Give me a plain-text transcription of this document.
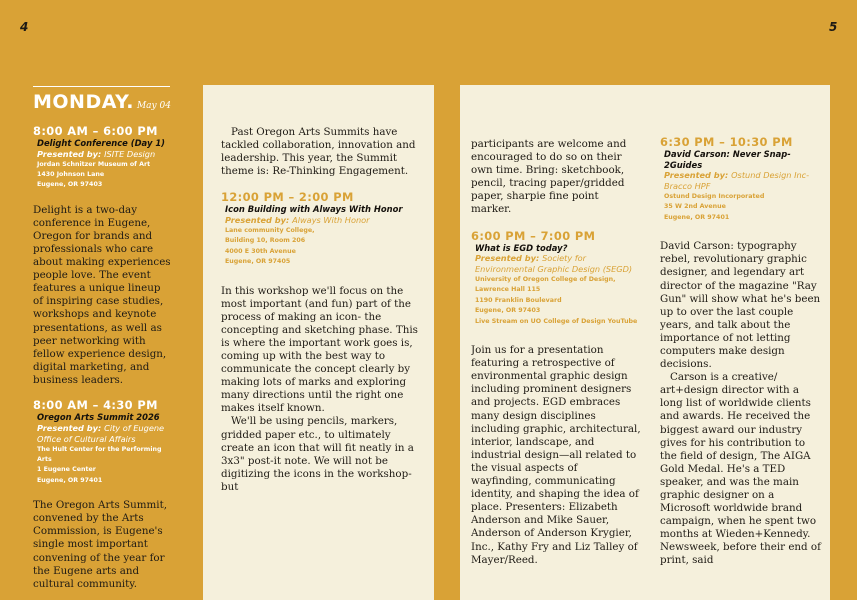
4	5
MONDAY. May 04
8:00 AM – 6:00 PM
Delight Conference (Day 1)
Presented by: ISITE Design
Jordan Schnitzer Museum of Art
1430 Johnson Lane
Eugene, OR 97403
Delight is a two-day conference in Eugene, Oregon for brands and professionals who care about making experiences people love. The event features a unique lineup of inspiring case studies, workshops and keynote presentations, as well as peer networking with fellow experience design, digital marketing, and business leaders.
8:00 AM – 4:30 PM
Oregon Arts Summit 2026
Presented by: City of Eugene Office of Cultural Affairs
The Hult Center for the Performing Arts
1 Eugene Center
Eugene, OR 97401
The Oregon Arts Summit, convened by the Arts Commission, is Eugene's single most important convening of the year for the Eugene arts and cultural community.
Past Oregon Arts Summits have tackled collaboration, innovation and leadership. This year, the Summit theme is: Re-Thinking Engagement.
12:00 PM – 2:00 PM
Icon Building with Always With Honor
Presented by: Always With Honor
Lane community College,
Building 10, Room 206
4000 E 30th Avenue
Eugene, OR 97405
In this workshop we'll focus on the most important (and fun) part of the process of making an icon- the concepting and sketching phase. This is where the important work goes is, coming up with the best way to communicate the concept clearly by making lots of marks and exploring many directions until the right one makes itself known.
We'll be using pencils, markers, gridded paper etc., to ultimately create an icon that will fit neatly in a 3x3" post-it note. We will not be digitizing the icons in the workshop- but
participants are welcome and encouraged to do so on their own time. Bring: sketchbook, pencil, tracing paper/gridded paper, sharpie fine point marker.
6:00 PM – 7:00 PM
What is EGD today?
Presented by: Society for Environmental Graphic Design (SEGD)
University of Oregon College of Design,
Lawrence Hall 115
1190 Franklin Boulevard
Eugene, OR 97403
Live Stream on UO College of Design YouTube
Join us for a presentation featuring a retrospective of environmental graphic design including prominent designers and projects. EGD embraces many design disciplines including graphic, architectural, interior, landscape, and industrial design—all related to the visual aspects of wayfinding, communicating identity, and shaping the idea of place. Presenters: Elizabeth Anderson and Mike Sauer, Anderson of Anderson Krygier, Inc., Kathy Fry and Liz Talley of Mayer/Reed.
6:30 PM – 10:30 PM
David Carson: Never Snap-2Guides
Presented by: Ostund Design Inc-Bracco HPF
Ostund Design Incorporated
35 W 2nd Avenue
Eugene, OR 97401
David Carson: typography rebel, revolutionary graphic designer, and legendary art director of the magazine "Ray Gun" will show what he's been up to over the last couple years, and talk about the importance of not letting computers make design decisions.
Carson is a creative/ art+design director with a long list of worldwide clients and awards. He received the biggest award our industry gives for his contribution to the field of design, The AIGA Gold Medal. He's a TED speaker, and was the main graphic designer on a Microsoft worldwide brand campaign, when he spent two months at Wieden+Kennedy. Newsweek, before their end of print, said
